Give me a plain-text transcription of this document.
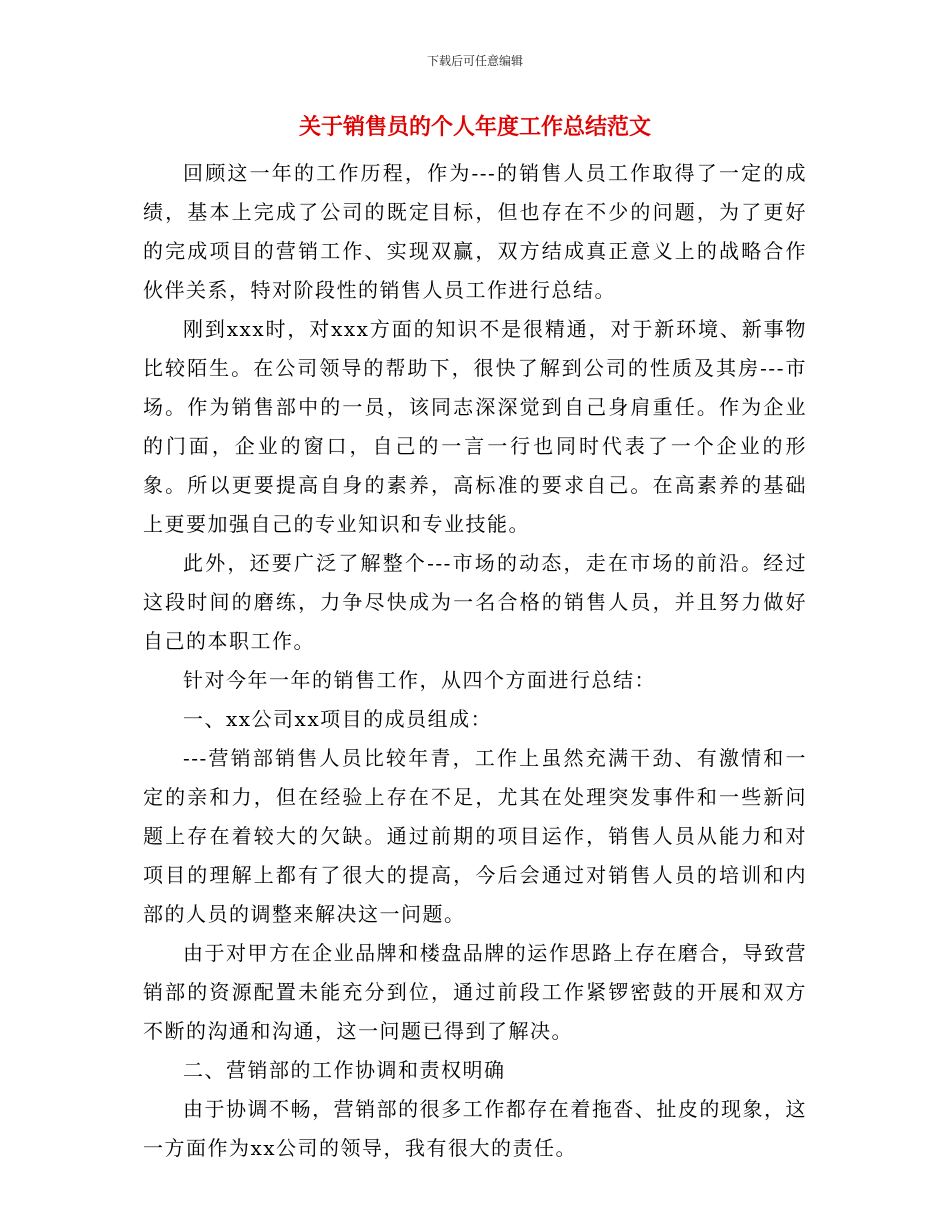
下载后可任意编辑
关于销售员的个人年度工作总结范文

回顾这一年的工作历程，作为---的销售人员工作取得了一定的成绩，基本上完成了公司的既定目标，但也存在不少的问题，为了更好的完成项目的营销工作、实现双赢，双方结成真正意义上的战略合作伙伴关系，特对阶段性的销售人员工作进行总结。

刚到xxx时，对xxx方面的知识不是很精通，对于新环境、新事物比较陌生。在公司领导的帮助下，很快了解到公司的性质及其房---市场。作为销售部中的一员，该同志深深觉到自己身肩重任。作为企业的门面，企业的窗口，自己的一言一行也同时代表了一个企业的形象。所以更要提高自身的素养，高标准的要求自己。在高素养的基础上更要加强自己的专业知识和专业技能。

此外，还要广泛了解整个---市场的动态，走在市场的前沿。经过这段时间的磨练，力争尽快成为一名合格的销售人员，并且努力做好自己的本职工作。

针对今年一年的销售工作，从四个方面进行总结：

一、xx公司xx项目的成员组成：

---营销部销售人员比较年青，工作上虽然充满干劲、有激情和一定的亲和力，但在经验上存在不足，尤其在处理突发事件和一些新问题上存在着较大的欠缺。通过前期的项目运作，销售人员从能力和对项目的理解上都有了很大的提高，今后会通过对销售人员的培训和内部的人员的调整来解决这一问题。

由于对甲方在企业品牌和楼盘品牌的运作思路上存在磨合，导致营销部的资源配置未能充分到位，通过前段工作紧锣密鼓的开展和双方不断的沟通和沟通，这一问题已得到了解决。

二、营销部的工作协调和责权明确

由于协调不畅，营销部的很多工作都存在着拖沓、扯皮的现象，这一方面作为xx公司的领导，我有很大的责任。
